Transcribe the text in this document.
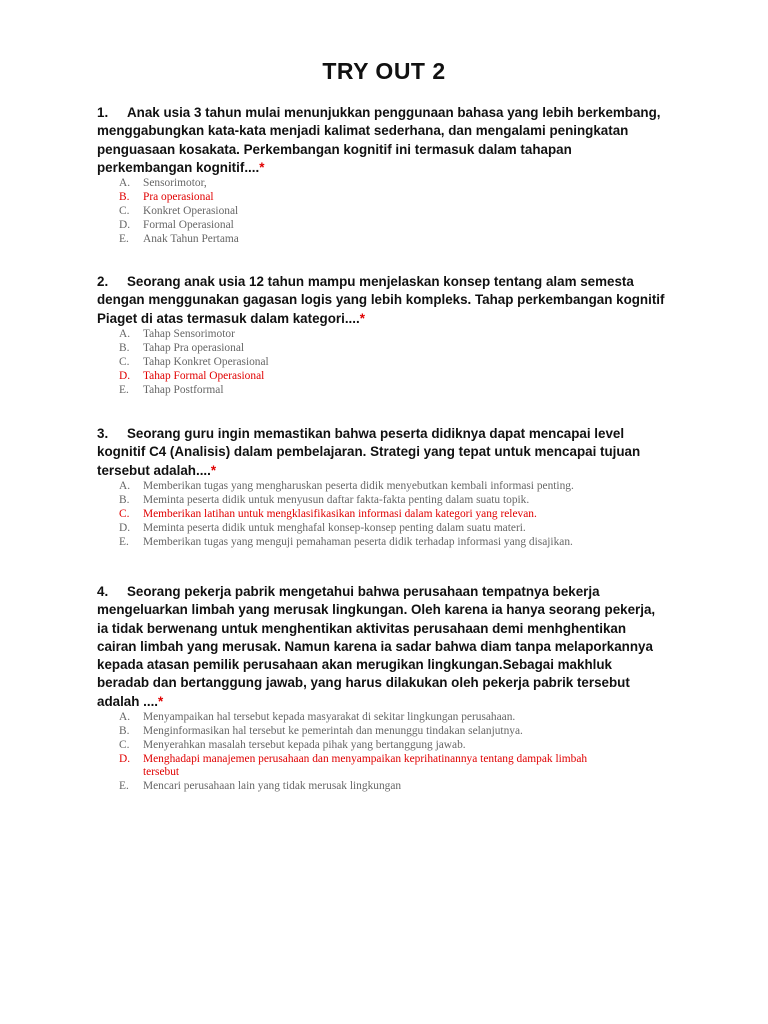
TRY OUT 2
1. Anak usia 3 tahun mulai menunjukkan penggunaan bahasa yang lebih berkembang, menggabungkan kata-kata menjadi kalimat sederhana, dan mengalami peningkatan penguasaan kosakata. Perkembangan kognitif ini termasuk dalam tahapan perkembangan kognitif....*
A.	Sensorimotor,
B.	Pra operasional
C.	Konkret Operasional
D.	Formal Operasional
E.	Anak Tahun Pertama
2. Seorang anak usia 12 tahun mampu menjelaskan konsep tentang alam semesta dengan menggunakan gagasan logis yang lebih kompleks. Tahap perkembangan kognitif Piaget di atas termasuk dalam kategori....*
A.	Tahap Sensorimotor
B.	Tahap Pra operasional
C.	Tahap Konkret Operasional
D.	Tahap Formal Operasional
E.	Tahap Postformal
3. Seorang guru ingin memastikan bahwa peserta didiknya dapat mencapai level kognitif C4 (Analisis) dalam pembelajaran. Strategi yang tepat untuk mencapai tujuan tersebut adalah....*
A.	Memberikan tugas yang mengharuskan peserta didik menyebutkan kembali informasi penting.
B.	Meminta peserta didik untuk menyusun daftar fakta-fakta penting dalam suatu topik.
C.	Memberikan latihan untuk mengklasifikasikan informasi dalam kategori yang relevan.
D.	Meminta peserta didik untuk menghafal konsep-konsep penting dalam suatu materi.
E.	Memberikan tugas yang menguji pemahaman peserta didik terhadap informasi yang disajikan.
4. Seorang pekerja pabrik mengetahui bahwa perusahaan tempatnya bekerja mengeluarkan limbah yang merusak lingkungan. Oleh karena ia hanya seorang pekerja, ia tidak berwenang untuk menghentikan aktivitas perusahaan demi menhghentikan cairan limbah yang merusak. Namun karena ia sadar bahwa diam tanpa melaporkannya kepada atasan pemilik perusahaan akan merugikan lingkungan.Sebagai makhluk beradab dan bertanggung jawab, yang harus dilakukan oleh pekerja pabrik tersebut adalah ....*
A.	Menyampaikan hal tersebut kepada masyarakat di sekitar lingkungan perusahaan.
B.	Menginformasikan hal tersebut ke pemerintah dan menunggu tindakan selanjutnya.
C.	Menyerahkan masalah tersebut kepada pihak yang bertanggung jawab.
D.	Menghadapi manajemen perusahaan dan menyampaikan keprihatinannya tentang dampak limbah tersebut
E.	Mencari perusahaan lain yang tidak merusak lingkungan
